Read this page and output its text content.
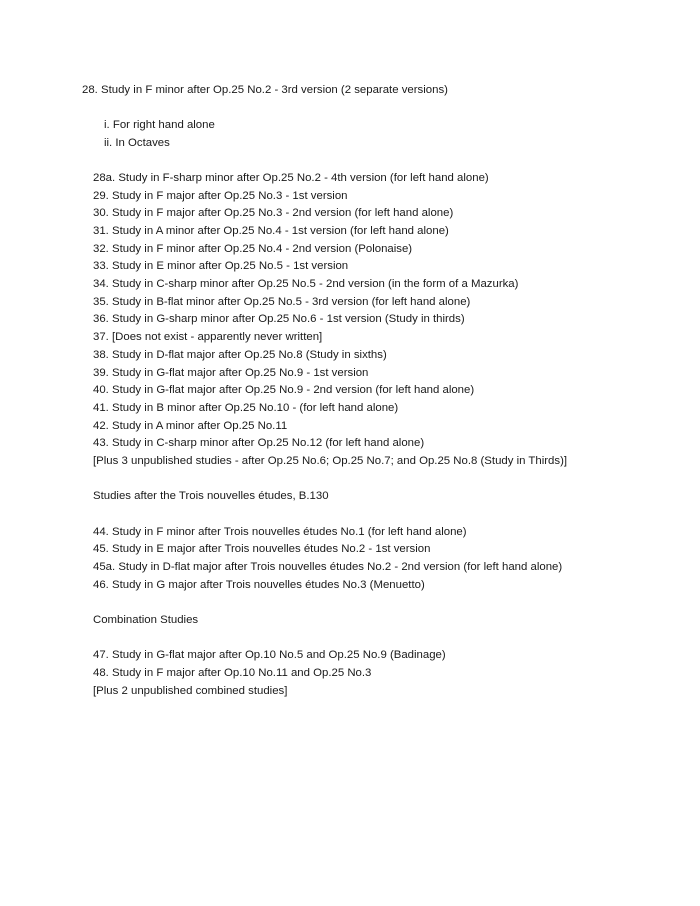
28. Study in F minor after Op.25 No.2 - 3rd version (2 separate versions)
i. For right hand alone
ii. In Octaves
28a. Study in F-sharp minor after Op.25 No.2 - 4th version (for left hand alone)
29. Study in F major after Op.25 No.3 - 1st version
30. Study in F major after Op.25 No.3 - 2nd version (for left hand alone)
31. Study in A minor after Op.25 No.4 - 1st version (for left hand alone)
32. Study in F minor after Op.25 No.4 - 2nd version (Polonaise)
33. Study in E minor after Op.25 No.5 - 1st version
34. Study in C-sharp minor after Op.25 No.5 - 2nd version (in the form of a Mazurka)
35. Study in B-flat minor after Op.25 No.5 - 3rd version (for left hand alone)
36. Study in G-sharp minor after Op.25 No.6 - 1st version (Study in thirds)
37. [Does not exist - apparently never written]
38. Study in D-flat major after Op.25 No.8 (Study in sixths)
39. Study in G-flat major after Op.25 No.9 - 1st version
40. Study in G-flat major after Op.25 No.9 - 2nd version (for left hand alone)
41. Study in B minor after Op.25 No.10 - (for left hand alone)
42. Study in A minor after Op.25 No.11
43. Study in C-sharp minor after Op.25 No.12 (for left hand alone)
[Plus 3 unpublished studies - after Op.25 No.6; Op.25 No.7; and Op.25 No.8 (Study in Thirds)]
Studies after the Trois nouvelles études, B.130
44. Study in F minor after Trois nouvelles études No.1 (for left hand alone)
45. Study in E major after Trois nouvelles études No.2 - 1st version
45a. Study in D-flat major after Trois nouvelles études No.2 - 2nd version (for left hand alone)
46. Study in G major after Trois nouvelles études No.3 (Menuetto)
Combination Studies
47. Study in G-flat major after Op.10 No.5 and Op.25 No.9 (Badinage)
48. Study in F major after Op.10 No.11 and Op.25 No.3
[Plus 2 unpublished combined studies]
